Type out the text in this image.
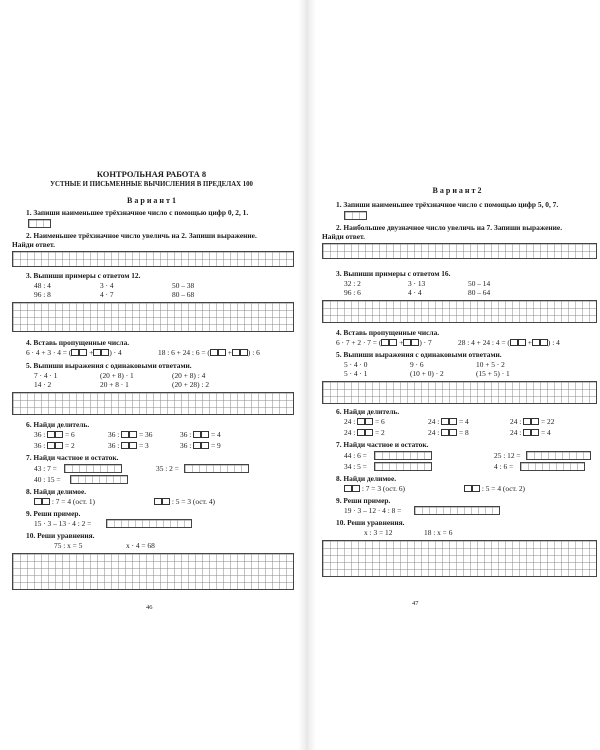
КОНТРОЛЬНАЯ РАБОТА 8
УСТНЫЕ И ПИСЬМЕННЫЕ ВЫЧИСЛЕНИЯ В ПРЕДЕЛАХ 100
В а р и а н т 1
1. Запиши наименьшее трёхзначное число с помощью цифр 0, 2, 1.
2. Наименьшее трёхзначное число увеличь на 2. Запиши выражение.
Найди ответ.
3. Выпиши примеры с ответом 12.
48 : 4	3 · 4	50 – 38
96 : 8	4 · 7	80 – 68
4. Вставь пропущенные числа.
6 · 4 + 3 · 4 = ( + ) · 4	18 : 6 + 24 : 6 = ( + ) : 6
5. Выпиши выражения с одинаковыми ответами.
7 · 4 · 1	(20 + 8) · 1	(20 + 8) : 4
14 · 2	20 + 8 · 1	(20 + 28) : 2
6. Найди делитель.
36 :	= 6	36 :	= 36	36 :	= 4
36 :	= 2	36 :	= 3	36 :	= 9
7. Найди частное и остаток.
43 : 7 =	35 : 2 =
40 : 15 =
8. Найди делимое.
: 7 = 4 (ост. 1)	: 5 = 3 (ост. 4)
9. Реши пример.
15 · 3 – 13 · 4 : 2 =
10. Реши уравнения.
75 : x = 5	x · 4 = 68
46
В а р и а н т 2
1. Запиши наименьшее трёхзначное число с помощью цифр 5, 0, 7.
2. Наибольшее двузначное число увеличь на 7. Запиши выражение.
Найди ответ.
3. Выпиши примеры с ответом 16.
32 : 2	3 · 13	50 – 14
96 : 6	4 · 4	80 – 64
4. Вставь пропущенные числа.
6 · 7 + 2 · 7 = ( + ) · 7	28 : 4 + 24 : 4 = ( + ) : 4
5. Выпиши выражения с одинаковыми ответами.
5 · 4 · 0	9 · 6	10 + 5 · 2
5 · 4 · 1	(10 + 0) · 2	(15 + 5) · 1
6. Найди делитель.
24 :	= 6	24 :	= 4	24 :	= 22
24 :	= 2	24 :	= 8	24 :	= 4
7. Найди частное и остаток.
44 : 6 =	25 : 12 =
34 : 5 =	4 : 6 =
8. Найди делимое.
: 7 = 3 (ост. 6)	: 5 = 4 (ост. 2)
9. Реши пример.
19 · 3 – 12 · 4 : 8 =
10. Реши уравнения.
x : 3 = 12	18 : x = 6
47
